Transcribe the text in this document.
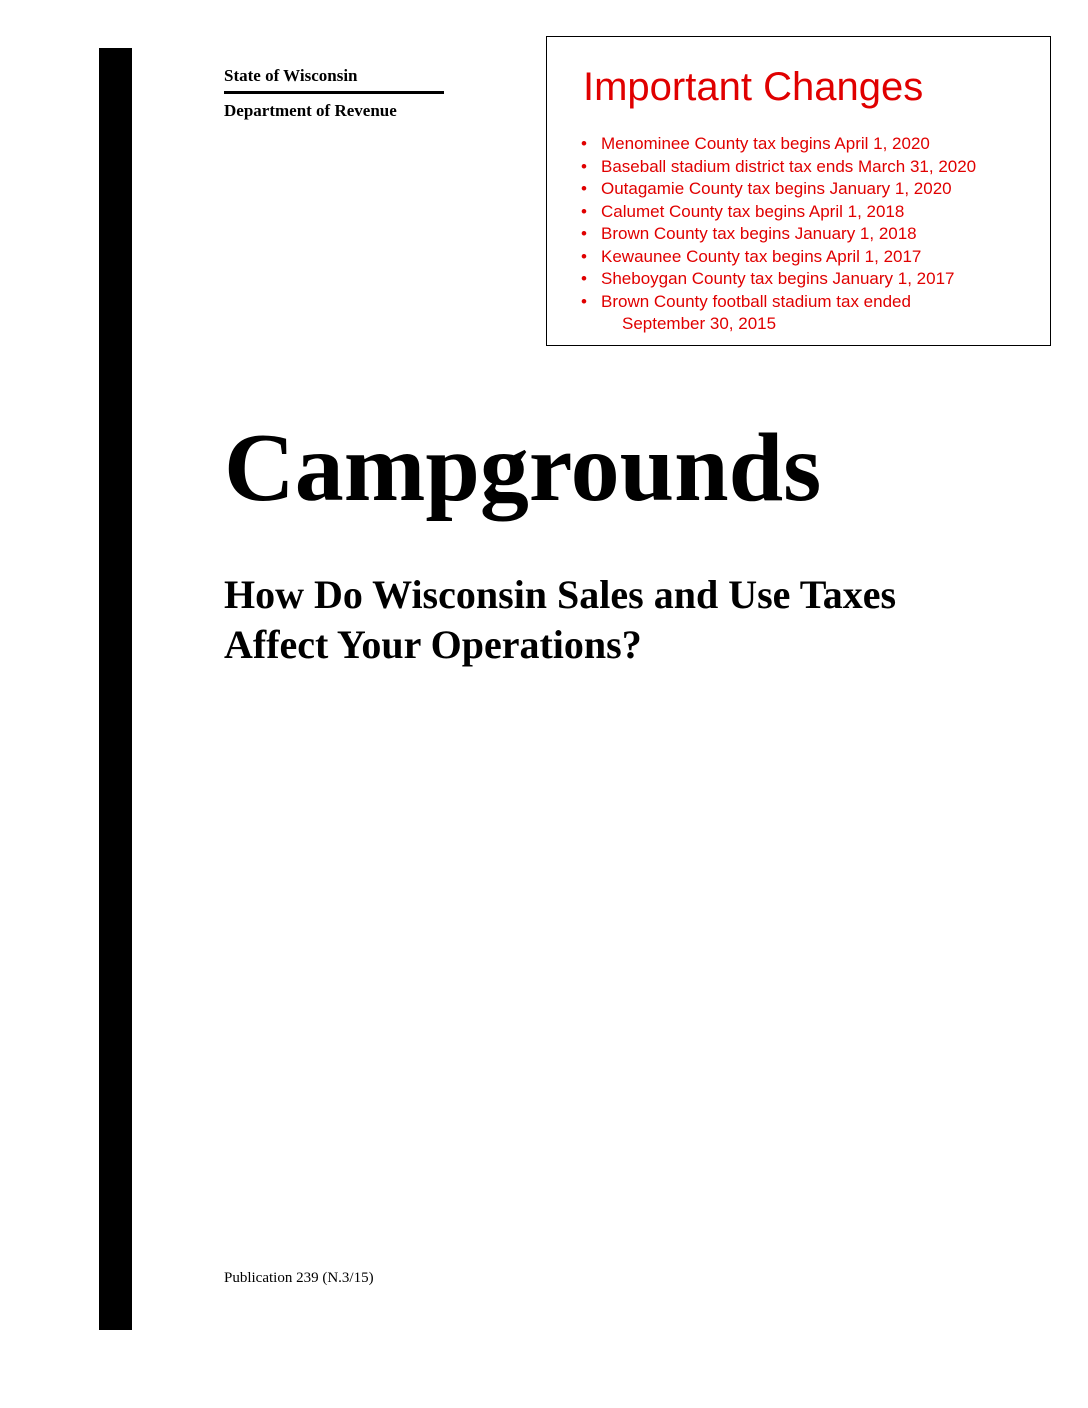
State of Wisconsin
Department of Revenue
Important Changes
• Menominee County tax begins April 1, 2020
• Baseball stadium district tax ends March 31, 2020
• Outagamie County tax begins January 1, 2020
• Calumet County tax begins April 1, 2018
• Brown County tax begins January 1, 2018
• Kewaunee County tax begins April 1, 2017
• Sheboygan County tax begins January 1, 2017
• Brown County football stadium tax ended
September 30, 2015
Campgrounds
How Do Wisconsin Sales and Use Taxes
Affect Your Operations?
Publication 239 (N.3/15)
